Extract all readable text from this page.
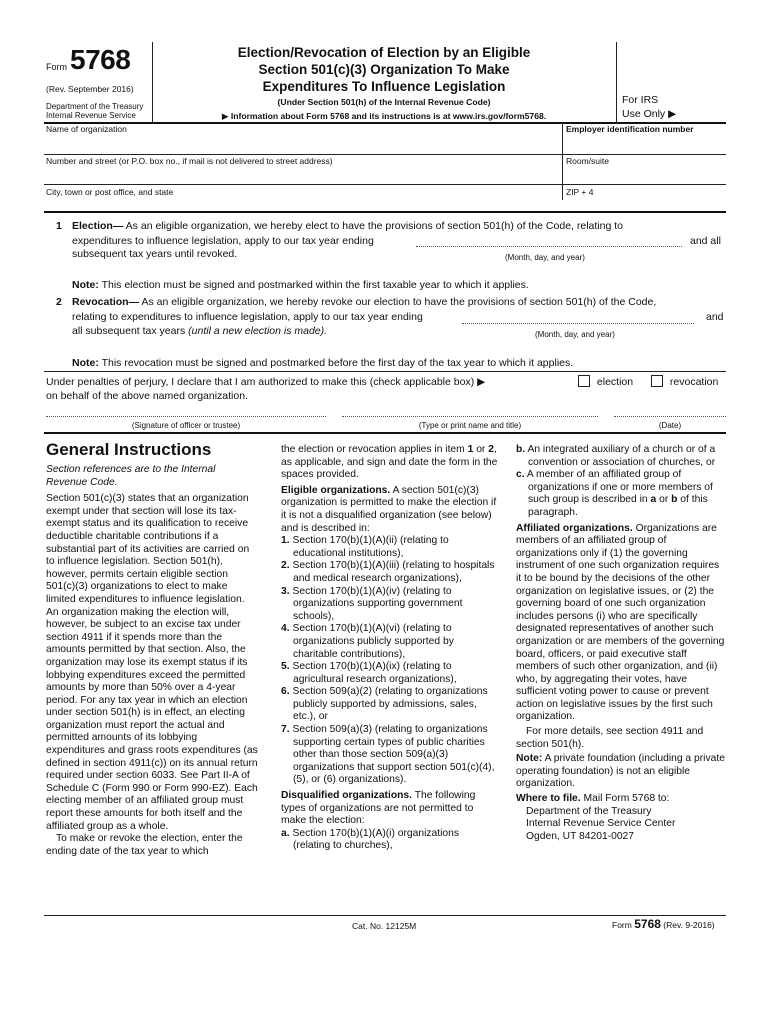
Form 5768
(Rev. September 2016)
Department of the Treasury
Internal Revenue Service
Election/Revocation of Election by an Eligible
Section 501(c)(3) Organization To Make
Expenditures To Influence Legislation
(Under Section 501(h) of the Internal Revenue Code)
▶ Information about Form 5768 and its instructions is at www.irs.gov/form5768.
For IRS
Use Only ▶
Name of organization	Employer identification number
Number and street (or P.O. box no., if mail is not delivered to street address)	Room/suite
City, town or post office, and state	ZIP + 4
1 Election— As an eligible organization, we hereby elect to have the provisions of section 501(h) of the Code, relating to
expenditures to influence legislation, apply to our tax year ending	and all
subsequent tax years until revoked.	(Month, day, and year)
Note: This election must be signed and postmarked within the first taxable year to which it applies.
2 Revocation— As an eligible organization, we hereby revoke our election to have the provisions of section 501(h) of the Code,
relating to expenditures to influence legislation, apply to our tax year ending	and
all subsequent tax years (until a new election is made).	(Month, day, and year)
Note: This revocation must be signed and postmarked before the first day of the tax year to which it applies.
Under penalties of perjury, I declare that I am authorized to make this (check applicable box) ▶
on behalf of the above named organization.
election	revocation
(Signature of officer or trustee)	(Type or print name and title)	(Date)
General Instructions

Section references are to the Internal Revenue Code.

Section 501(c)(3) states that an organization exempt under that section will lose its tax-exempt status and its qualification to receive deductible charitable contributions if a substantial part of its activities are carried on to influence legislation. Section 501(h), however, permits certain eligible section 501(c)(3) organizations to elect to make limited expenditures to influence legislation. An organization making the election will, however, be subject to an excise tax under section 4911 if it spends more than the amounts permitted by that section. Also, the organization may lose its exempt status if its lobbying expenditures exceed the permitted amounts by more than 50% over a 4-year period. For any tax year in which an election under section 501(h) is in effect, an electing organization must report the actual and permitted amounts of its lobbying expenditures and grass roots expenditures (as defined in section 4911(c)) on its annual return required under section 6033. See Part II-A of Schedule C (Form 990 or Form 990-EZ). Each electing member of an affiliated group must report these amounts for both itself and the affiliated group as a whole.

To make or revoke the election, enter the ending date of the tax year to which

the election or revocation applies in item 1 or 2, as applicable, and sign and date the form in the spaces provided.

Eligible organizations. A section 501(c)(3) organization is permitted to make the election if it is not a disqualified organization (see below) and is described in:

1. Section 170(b)(1)(A)(ii) (relating to educational institutions),

2. Section 170(b)(1)(A)(iii) (relating to hospitals and medical research organizations),

3. Section 170(b)(1)(A)(iv) (relating to organizations supporting government schools),

4. Section 170(b)(1)(A)(vi) (relating to organizations publicly supported by charitable contributions),

5. Section 170(b)(1)(A)(ix) (relating to agricultural research organizations),

6. Section 509(a)(2) (relating to organizations publicly supported by admissions, sales, etc.), or

7. Section 509(a)(3) (relating to organizations supporting certain types of public charities other than those section 509(a)(3) organizations that support section 501(c)(4), (5), or (6) organizations).

Disqualified organizations. The following types of organizations are not permitted to make the election:

a. Section 170(b)(1)(A)(i) organizations (relating to churches),

b. An integrated auxiliary of a church or of a convention or association of churches, or

c. A member of an affiliated group of organizations if one or more members of such group is described in a or b of this paragraph.

Affiliated organizations. Organizations are members of an affiliated group of organizations only if (1) the governing instrument of one such organization requires it to be bound by the decisions of the other organization on legislative issues, or (2) the governing board of one such organization includes persons (i) who are specifically designated representatives of another such organization or are members of the governing board, officers, or paid executive staff members of such other organization, and (ii) who, by aggregating their votes, have sufficient voting power to cause or prevent action on legislative issues by the first such organization.

For more details, see section 4911 and section 501(h).

Note: A private foundation (including a private operating foundation) is not an eligible organization.

Where to file. Mail Form 5768 to:

Department of the Treasury

Internal Revenue Service Center

Ogden, UT 84201-0027

Cat. No. 12125M	Form 5768 (Rev. 9-2016)
